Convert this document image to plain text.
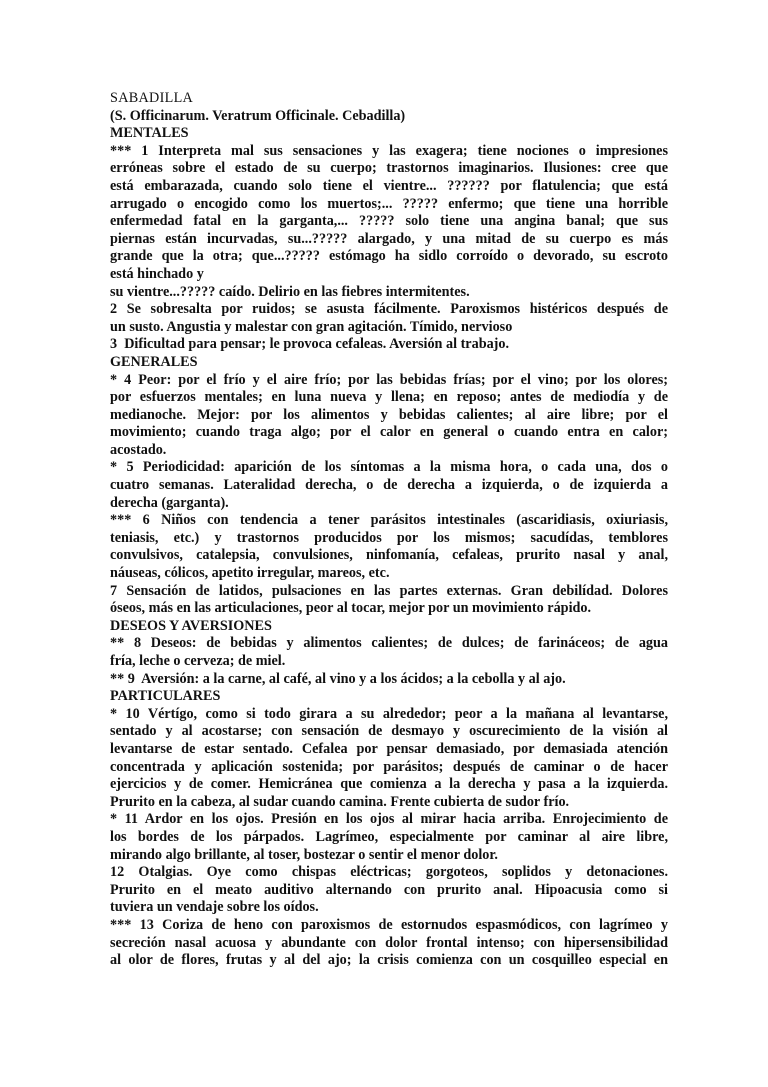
SABADILLA
(S. Officinarum. Veratrum Officinale. Cebadilla)
MENTALES
*** 1 Interpreta mal sus sensaciones y las exagera; tiene nociones o impresiones
erróneas sobre el estado de su cuerpo; trastornos imaginarios. Ilusiones: cree que
está embarazada, cuando solo tiene el vientre... ?????? por flatulencia; que está
arrugado o encogido como los muertos;... ????? enfermo; que tiene una horrible
enfermedad fatal en la garganta,... ????? solo tiene una angina banal; que sus
piernas están incurvadas, su...????? alargado, y una mitad de su cuerpo es más
grande que la otra; que...????? estómago ha sidlo corroído o devorado, su escroto
está hinchado y
su vientre...????? caído. Delirio en las fiebres intermitentes.
2 Se sobresalta por ruidos; se asusta fácilmente. Paroxismos histéricos después de
un susto. Angustia y malestar con gran agitación. Tímido, nervioso
3  Dificultad para pensar; le provoca cefaleas. Aversión al trabajo.
GENERALES
* 4 Peor: por el frío y el aire frío; por las bebidas frías; por el vino; por los olores;
por esfuerzos mentales; en luna nueva y llena; en reposo; antes de mediodía y de
medianoche. Mejor: por los alimentos y bebidas calientes; al aire libre; por el
movimiento; cuando traga algo; por el calor en general o cuando entra en calor;
acostado.
* 5 Periodicidad: aparición de los síntomas a la misma hora, o cada una, dos o
cuatro semanas. Lateralidad derecha, o de derecha a izquierda, o de izquierda a
derecha (garganta).
*** 6 Niños con tendencia a tener parásitos intestinales (ascaridiasis, oxiuriasis,
teniasis, etc.) y trastornos producidos por los mismos; sacudídas, temblores
convulsivos, catalepsia, convulsiones, ninfomanía, cefaleas, prurito nasal y anal,
náuseas, cólicos, apetito irregular, mareos, etc.
7 Sensación de latidos, pulsaciones en las partes externas. Gran debilídad. Dolores
óseos, más en las articulaciones, peor al tocar, mejor por un movimiento rápido.
DESEOS Y AVERSIONES
** 8 Deseos: de bebidas y alimentos calientes; de dulces; de farináceos; de agua
fría, leche o cerveza; de miel.
** 9  Aversión: a la carne, al café, al vino y a los ácidos; a la cebolla y al ajo.
PARTICULARES
* 10 Vértígo, como si todo girara a su alrededor; peor a la mañana al levantarse,
sentado y al acostarse; con sensación de desmayo y oscurecimiento de la visión al
levantarse de estar sentado. Cefalea por pensar demasiado, por demasiada atención
concentrada y aplicación sostenida; por parásitos; después de caminar o de hacer
ejercicios y de comer. Hemicránea que comienza a la derecha y pasa a la izquierda.
Prurito en la cabeza, al sudar cuando camina. Frente cubierta de sudor frío.
* 11 Ardor en los ojos. Presión en los ojos al mirar hacia arriba. Enrojecimiento de
los bordes de los párpados. Lagrímeo, especialmente por caminar al aire libre,
mirando algo brillante, al toser, bostezar o sentir el menor dolor.
12 Otalgias. Oye como chispas eléctricas; gorgoteos, soplidos y detonaciones.
Prurito en el meato auditivo alternando con prurito anal. Hipoacusia como si
tuviera un vendaje sobre los oídos.
*** 13 Coriza de heno con paroxismos de estornudos espasmódicos, con lagrímeo y
secreción nasal acuosa y abundante con dolor frontal intenso; con hipersensibilidad
al olor de flores, frutas y al del ajo; la crisis comienza con un cosquilleo especial en
